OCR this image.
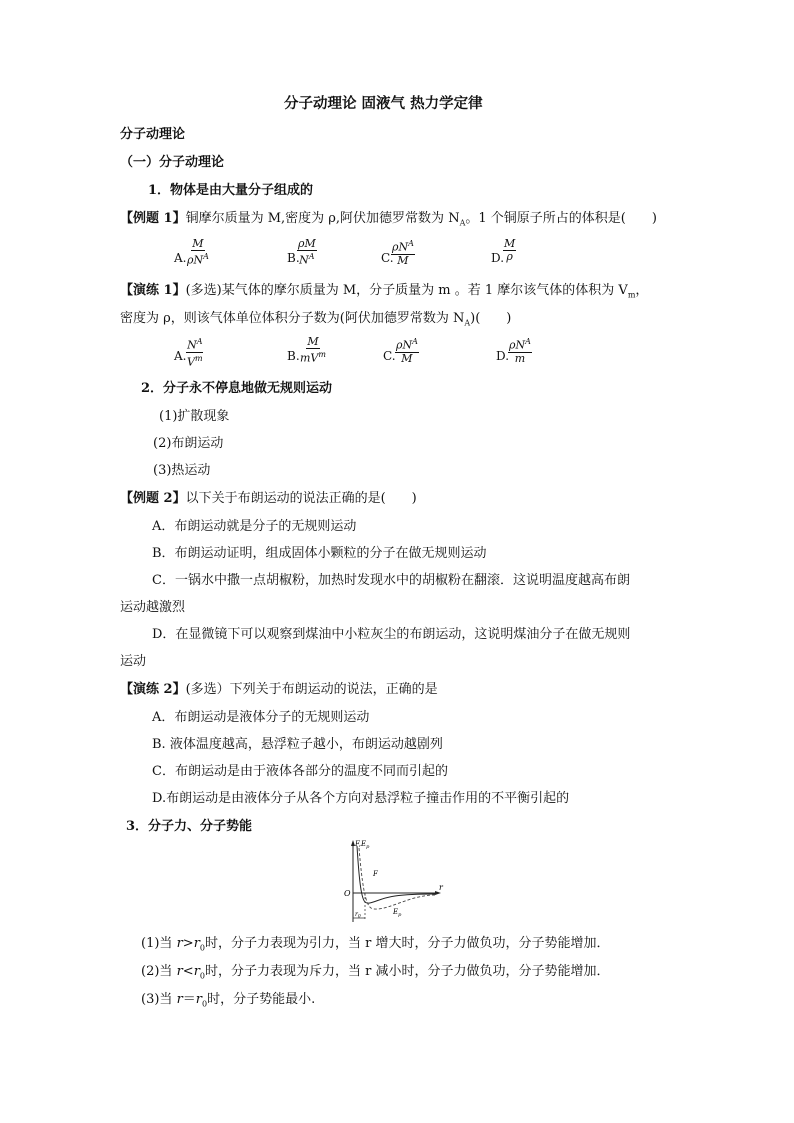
分子动理论 固液气 热力学定律
分子动理论
（一）分子动理论
1．物体是由大量分子组成的
【例题 1】铜摩尔质量为 M,密度为 ρ,阿伏加德罗常数为 $N_A$。1 个铜原子所占的体积是(　　)
A.
M
$\rho N^A$	B.
$\frac{\rho M}{N^A}$	C.
$\rho N^A$
M	D.
$\frac{M}{\rho}$
【演练 1】(多选)某气体的摩尔质量为 M，分子质量为 m 。若 1 摩尔该气体的体积为 $V_m$，
密度为 ρ，则该气体单位体积分子数为(阿伏加德罗常数为 $N_A$)(　　)
A. $\frac{N^A}{V^m}$	B.
M
$mV^m$	C.
$\rho N^A$
M	D.
$\rho N^A$
m
2．分子永不停息地做无规则运动
(1)扩散现象
(2)布朗运动
(3)热运动
【例题 2】以下关于布朗运动的说法正确的是(　　)
A．布朗运动就是分子的无规则运动
B．布朗运动证明，组成固体小颗粒的分子在做无规则运动
C．一锅水中撒一点胡椒粉，加热时发现水中的胡椒粉在翻滚．这说明温度越高布朗
运动越激烈
D．在显微镜下可以观察到煤油中小粒灰尘的布朗运动，这说明煤油分子在做无规则
运动
【演练 2】(多选）下列关于布朗运动的说法，正确的是
A．布朗运动是液体分子的无规则运动
B. 液体温度越高，悬浮粒子越小，布朗运动越剧列
C．布朗运动是由于液体各部分的温度不同而引起的
D.布朗运动是由液体分子从各个方向对悬浮粒子撞击作用的不平衡引起的
3．分子力、分子势能
$F,E_p$
O
r
F
$E_p$
$r_0$
(1)当 $r>r_0$时，分子力表现为引力，当 r 增大时，分子力做负功，分子势能增加．
(2)当 $r<r_0$时，分子力表现为斥力，当 r 减小时，分子力做负功，分子势能增加．
(3)当 $r=r_0$时，分子势能最小.
